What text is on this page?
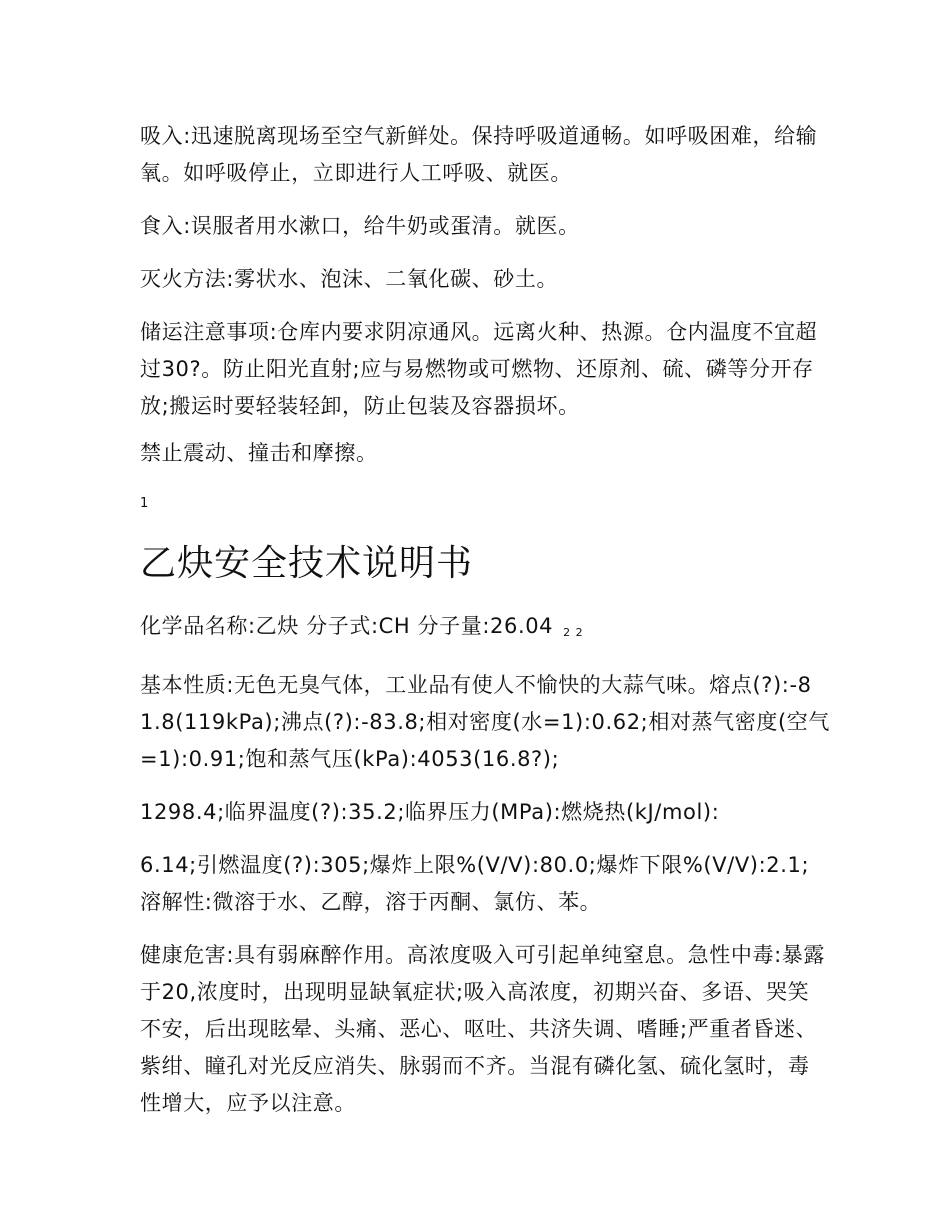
吸入:迅速脱离现场至空气新鲜处。保持呼吸道通畅。如呼吸困难，给输氧。如呼吸停止，立即进行人工呼吸、就医。

食入:误服者用水漱口，给牛奶或蛋清。就医。

灭火方法:雾状水、泡沫、二氧化碳、砂土。

储运注意事项:仓库内要求阴凉通风。远离火种、热源。仓内温度不宜超过30?。防止阳光直射;应与易燃物或可燃物、还原剂、硫、磷等分开存放;搬运时要轻装轻卸，防止包装及容器损坏。

禁止震动、撞击和摩擦。

1
乙炔安全技术说明书

化学品名称:乙炔 分子式:CH 分子量:26.04 $_{2 2}$

基本性质:无色无臭气体，工业品有使人不愉快的大蒜气味。熔点(?):-81.8(119kPa);沸点(?):-83.8;相对密度(水=1):0.62;相对蒸气密度(空气=1):0.91;饱和蒸气压(kPa):4053(16.8?);

1298.4;临界温度(?):35.2;临界压力(MPa):燃烧热(kJ/mol):

6.14;引燃温度(?):305;爆炸上限%(V/V):80.0;爆炸下限%(V/V):2.1;溶解性:微溶于水、乙醇，溶于丙酮、氯仿、苯。

健康危害:具有弱麻醉作用。高浓度吸入可引起单纯窒息。急性中毒:暴露于20,浓度时，出现明显缺氧症状;吸入高浓度，初期兴奋、多语、哭笑不安，后出现眩晕、头痛、恶心、呕吐、共济失调、嗜睡;严重者昏迷、紫绀、瞳孔对光反应消失、脉弱而不齐。当混有磷化氢、硫化氢时，毒性增大，应予以注意。
